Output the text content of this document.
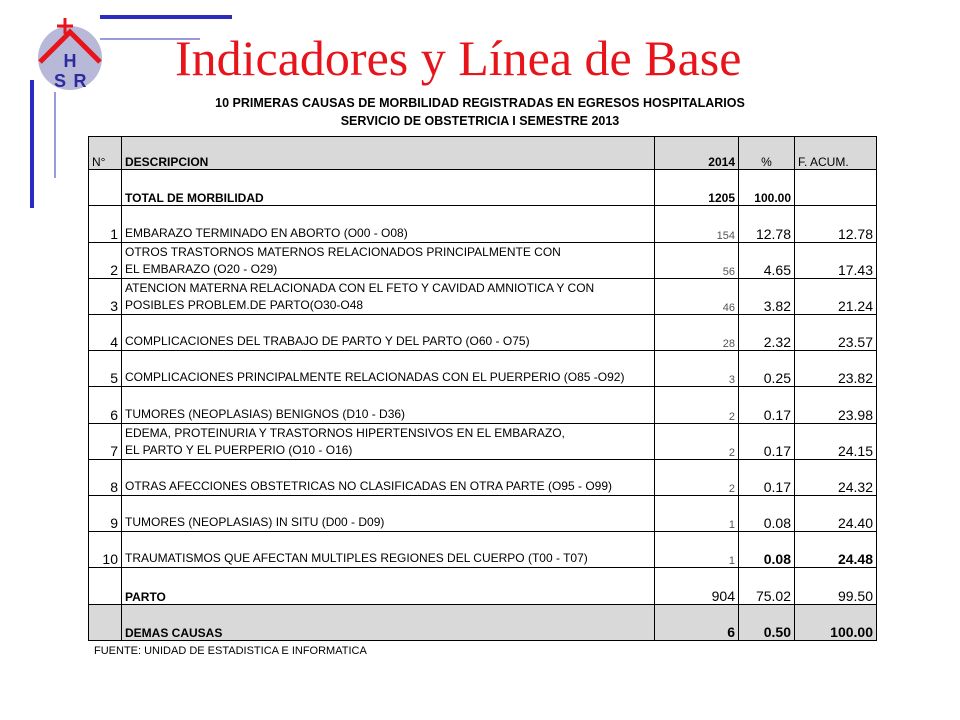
H
S R Indicadores y Línea de Base
10 PRIMERAS CAUSAS DE MORBILIDAD REGISTRADAS EN EGRESOS HOSPITALARIOS
SERVICIO DE OBSTETRICIA I SEMESTRE 2013
N°	DESCRIPCION	2014	%	F. ACUM.
	TOTAL DE MORBILIDAD	1205	100.00	
1	EMBARAZO TERMINADO EN ABORTO (O00 - O08)	154	12.78	12.78
2	OTROS TRASTORNOS MATERNOS RELACIONADOS PRINCIPALMENTE CON
EL EMBARAZO (O20 - O29)	56	4.65	17.43
3	ATENCION MATERNA RELACIONADA CON EL FETO Y CAVIDAD AMNIOTICA Y CON
POSIBLES PROBLEM.DE PARTO(O30-O48	46	3.82	21.24
4	COMPLICACIONES DEL TRABAJO DE PARTO Y DEL PARTO (O60 - O75)	28	2.32	23.57
5	COMPLICACIONES PRINCIPALMENTE RELACIONADAS CON EL PUERPERIO (O85 -O92)	3	0.25	23.82
6	TUMORES (NEOPLASIAS) BENIGNOS (D10 - D36)	2	0.17	23.98
7	EDEMA, PROTEINURIA Y TRASTORNOS HIPERTENSIVOS EN EL EMBARAZO,
EL PARTO Y EL PUERPERIO (O10 - O16)	2	0.17	24.15
8	OTRAS AFECCIONES OBSTETRICAS NO CLASIFICADAS EN OTRA PARTE (O95 - O99)	2	0.17	24.32
9	TUMORES (NEOPLASIAS) IN SITU (D00 - D09)	1	0.08	24.40
10	TRAUMATISMOS QUE AFECTAN MULTIPLES REGIONES DEL CUERPO (T00 - T07)	1	0.08	24.48
	PARTO	904	75.02	99.50
	DEMAS CAUSAS	6	0.50	100.00
FUENTE: UNIDAD DE ESTADISTICA E INFORMATICA
